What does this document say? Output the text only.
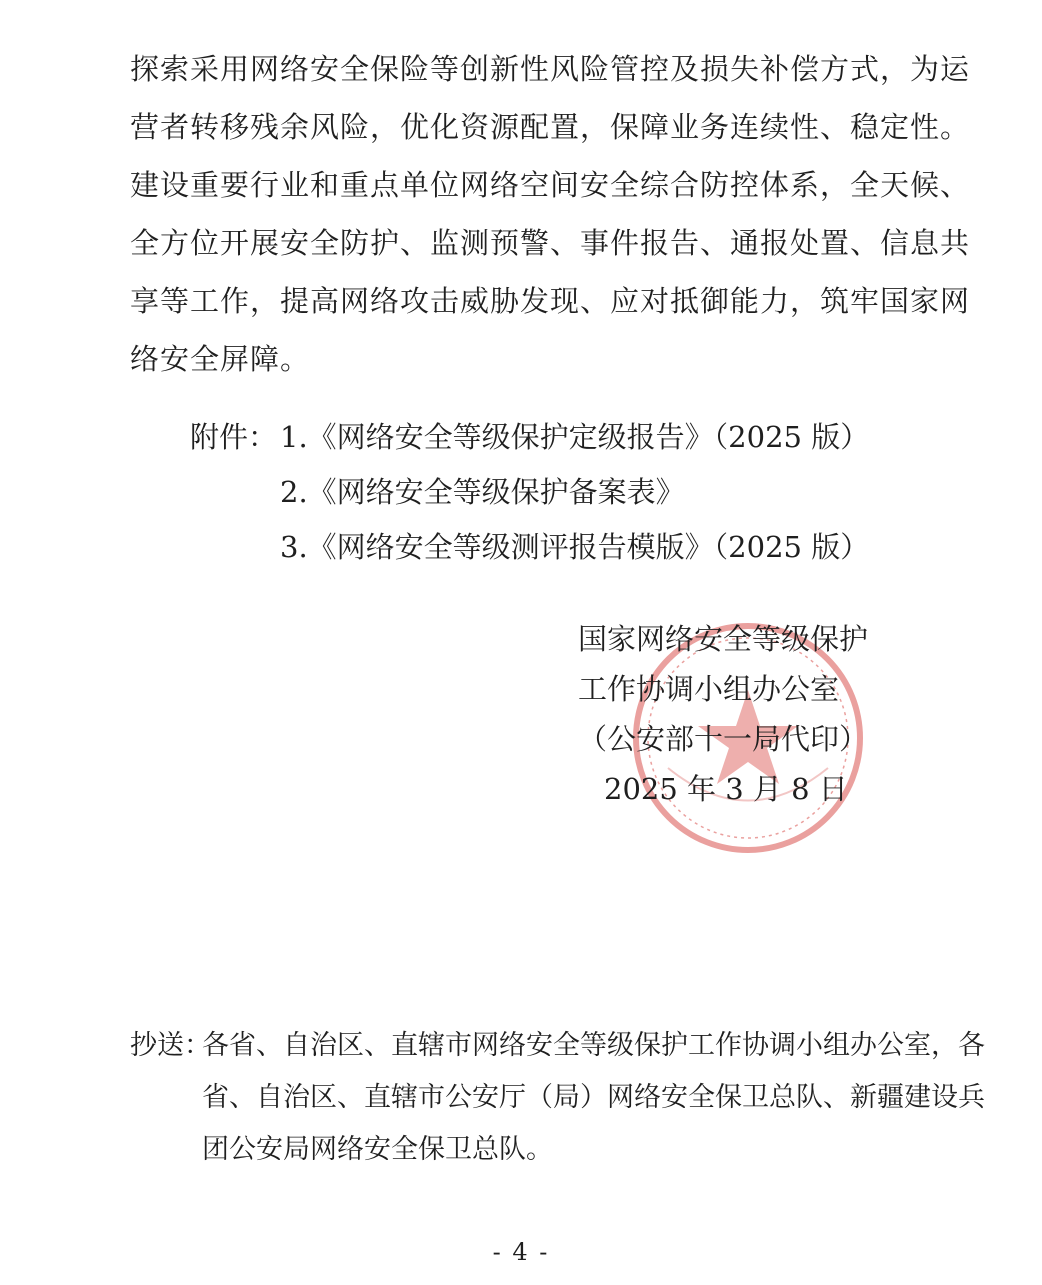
探索采用网络安全保险等创新性风险管控及损失补偿方式，为运
营者转移残余风险，优化资源配置，保障业务连续性、稳定性。
建设重要行业和重点单位网络空间安全综合防控体系，全天候、
全方位开展安全防护、监测预警、事件报告、通报处置、信息共
享等工作，提高网络攻击威胁发现、应对抵御能力，筑牢国家网
络安全屏障。
附件： 1.《网络安全等级保护定级报告》（2025 版）
2.《网络安全等级保护备案表》
3.《网络安全等级测评报告模版》（2025 版）
国家网络安全等级保护
工作协调小组办公室
（公安部十一局代印）
2025 年 3 月 8 日
抄送：各省、自治区、直辖市网络安全等级保护工作协调小组办公室，各
省、自治区、直辖市公安厅（局）网络安全保卫总队、新疆建设兵
团公安局网络安全保卫总队。
- 4 -
